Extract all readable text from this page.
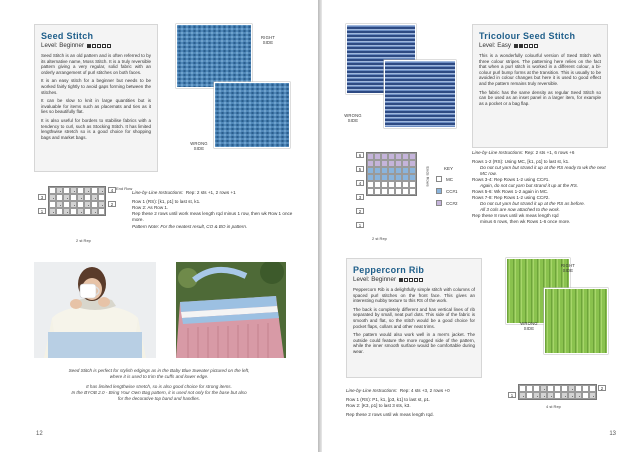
Seed Stitch
Level: Beginner

Seed Stitch is an old pattern and is often referred to by its alternative name, Moss Stitch. It is a truly reversible pattern giving a very regular, solid fabric with an orderly arrangement of purl stitches on both faces.

It is an easy stitch for a beginner but needs to be worked fairly tightly to avoid gaps forming between the stitches.

It can be slow to knit in large quantities but is invaluable for items such as placemats and ties as it lies so beautifully flat.

It is also useful for borders to stabilise fabrics with a tendency to curl, such as Stocking Stitch. It has limited lengthwise stretch so is a good choice for shopping bags and market bags.

RIGHT SIDE
WRONG SIDE
End Row
4
3
2
1
2 st Rep
Line-by-Line Instructions: Rep: 2 sts +1, 2 rows +1
Row 1 (RS): [k1, p1] to last st, k1.
Row 2: As Row 1.
Rep these 2 rows until work meas length rqd minus 1 row, then wk Row 1 once more.
Pattern Note: For the neatest result, CO & BO in pattern.
Seed Stitch is perfect for stylish edgings as in the Baby Blue Sweater pictured on the left,
where it is used to trim the cuffs and lower edge.
It has limited lengthwise stretch, so is also good choice for strong items.
In the BYOB 2.0 - Bring Your Own Bag pattern, it is used not only for the base but also
for the decorative top band and handles.
12
WRONG SIDE
Tricolour Seed Stitch
Level: Easy

This is a wonderfully colourful version of Seed Stitch with three colour stripes. The patterning here relies on the fact that when a purl stitch is worked in a different colour, a bi-colour purl bump forms at the transition. This is usually to be avoided in colour changes but here it is used to good effect and the pattern remains truly reversible.

The fabric has the same density as regular Seed Stitch so can be used as an inset panel in a larger item, for example as a pocket or a bag flap.

6
5
4
3
2
1
Ends Rows
2 st Rep
KEY
MC
CC#1
CC#2
Line-by-Line Instructions: Rep: 2 sts +1, 6 rows +6
Rows 1-2 (RS): Using MC, [k1, p1] to last st, k1.
Do not cut yarn but strand it up at the RS ready to wk the next MC row.
Rows 3-4: Rep Rows 1-2 using CC#1.
Again, do not cut yarn but strand it up at the RS.
Rows 5-6: Wk Rows 1-2 again in MC.
Rows 7-8: Rep Rows 1-2 using CC#2.
Do not cut yarn but strand it up at the RS as before.
All 3 cols are now attached to the work.
Rep these 8 rows until wk meas length rqd
minus 6 rows, then wk Rows 1-6 once more.
Peppercorn Rib
Level: Beginner

Peppercorn Rib is a delightfully simple stitch with columns of spaced purl stitches on the front face. This gives an interesting nubby texture to this RS of the work.

The back is completely different and has vertical lines of rib separated by small, neat purl dots. This side of the fabric is smooth and flat, so the stitch would be a good choice for pocket flaps, collars and other neat trims.

The pattern would also work well in a men's jacket. The outside could feature the more rugged side of the pattern, while the inner smooth surface would be comfortable during wear.

RIGHT SIDE
WRONG SIDE
Line-by-Line Instructions: Rep: 4 sts +3, 2 rows +0
Row 1 (RS): P1, k1, [p3, k1] to last st, p1.
Row 2: [K3, p1] to last 3 sts, k3.
Rep these 2 rows until wk meas length rqd.
2
1
4 st Rep
13
